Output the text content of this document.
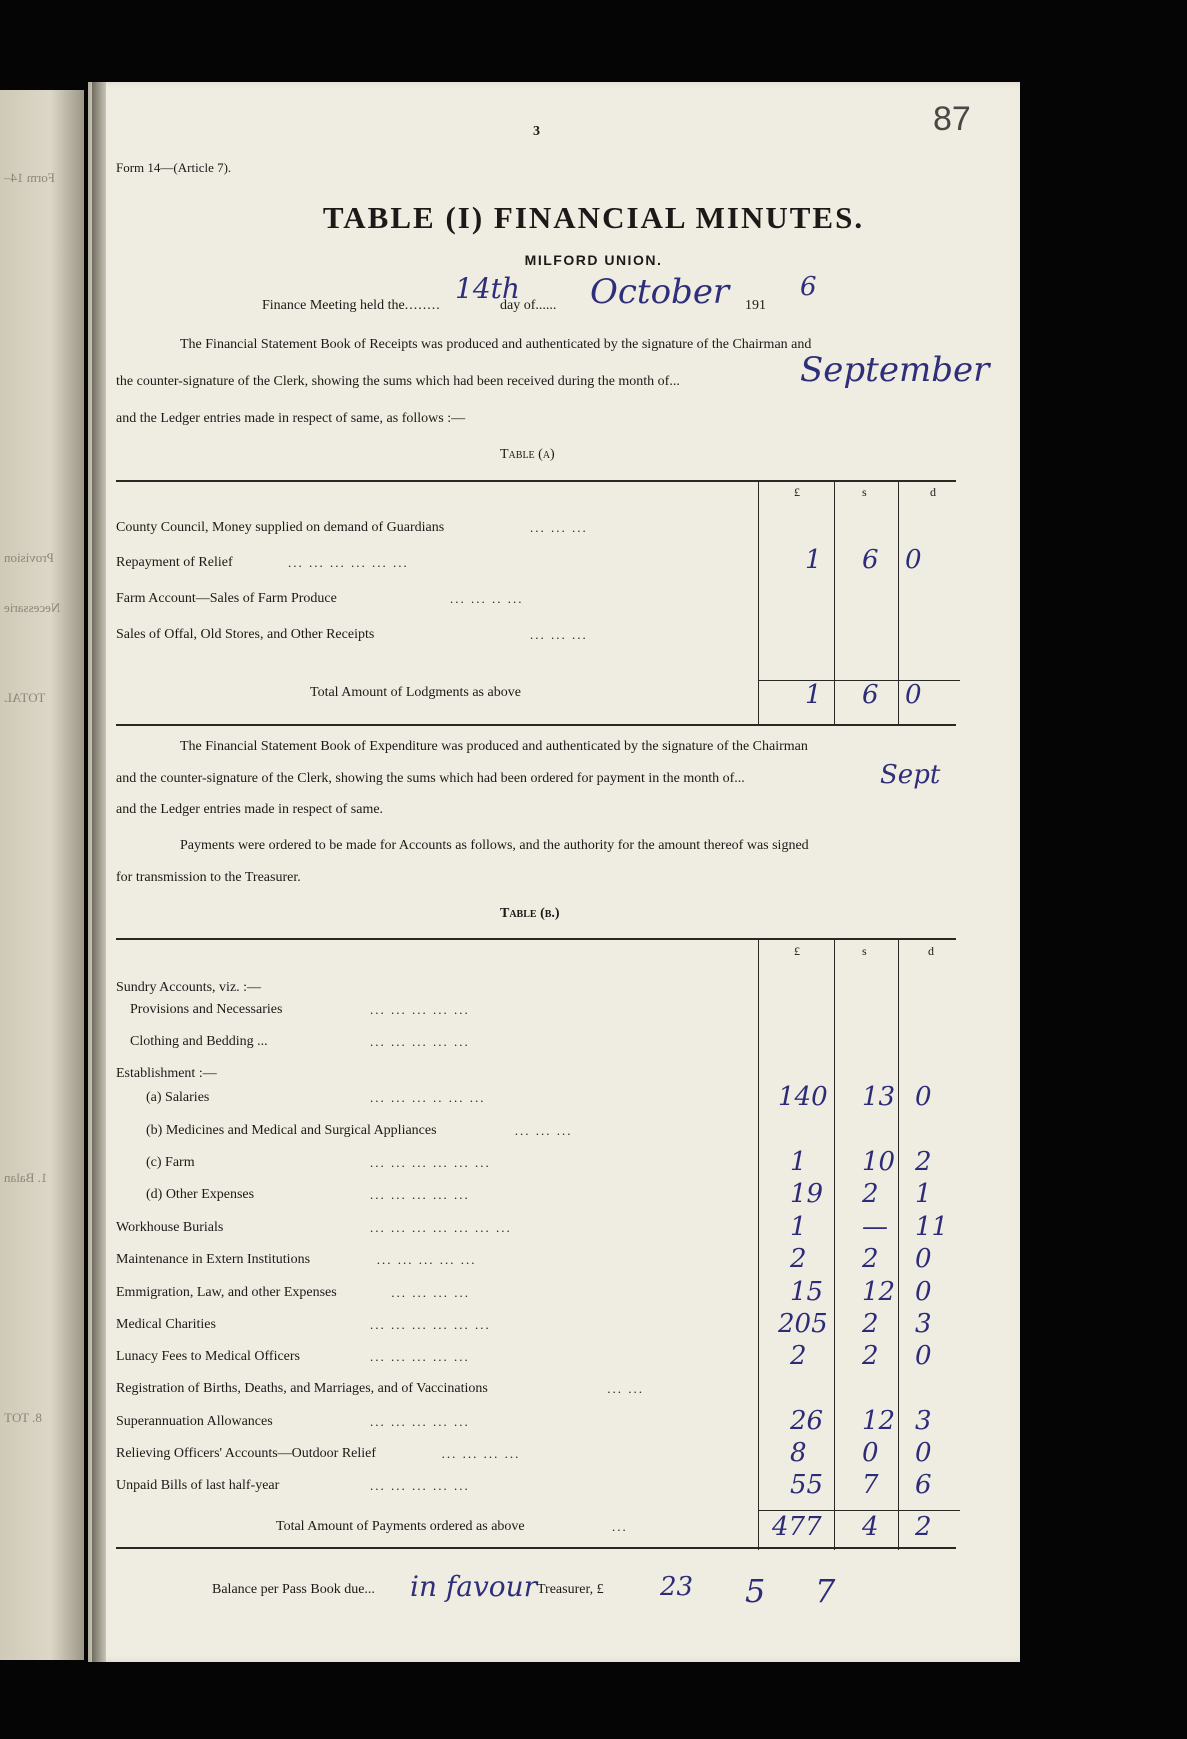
Form 14–
Provision
Necessarie
TOTAL
1. Balan
8. TOT
87
3
Form 14—(Article 7).
TABLE (I) FINANCIAL MINUTES.
MILFORD UNION.
Finance Meeting held the........
14th
day of...... October 191
6
The Financial Statement Book of Receipts was produced and authenticated by the signature of the Chairman and
the counter-signature of the Clerk, showing the sums which had been received during the month of...	September
and the Ledger entries made in respect of same, as follows :—
Table (a)
£	s	d
County Council, Money supplied on demand of Guardians	... ... ...
Repayment of Relief	... ... ... ... ... ...	1 6 0
Farm Account—Sales of Farm Produce	... ... .. ...
Sales of Offal, Old Stores, and Other Receipts	... ... ...
Total Amount of Lodgments as above	1 6 0
The Financial Statement Book of Expenditure was produced and authenticated by the signature of the Chairman
and the counter-signature of the Clerk, showing the sums which had been ordered for payment in the month of...	Sept
and the Ledger entries made in respect of same.
Payments were ordered to be made for Accounts as follows, and the authority for the amount thereof was signed
for transmission to the Treasurer.
Table (b.)
£	s	d
Sundry Accounts, viz. :—
Provisions and Necessaries	... ... ... ... ...
Clothing and Bedding ...	... ... ... ... ...
Establishment :—
(a) Salaries	... ... ... .. ... ...	140 13 0
(b) Medicines and Medical and Surgical Appliances	... ... ...
(c) Farm	... ... ... ... ... ...	1 10 2
(d) Other Expenses	... ... ... ... ...	19 2 1
Workhouse Burials	... ... ... ... ... ... ...	1 — 11
Maintenance in Extern Institutions	... ... ... ... ...	2 2 0
Emmigration, Law, and other Expenses	... ... ... ...	15 12 0
Medical Charities	... ... ... ... ... ...	205 2 3
Lunacy Fees to Medical Officers	... ... ... ... ...	2 2 0
Registration of Births, Deaths, and Marriages, and of Vaccinations	... ...
Superannuation Allowances	... ... ... ... ...	26 12 3
Relieving Officers' Accounts—Outdoor Relief	... ... ... ...	8 0 0
Unpaid Bills of last half-year	... ... ... ... ...	55 7 6
Total Amount of Payments ordered as above	...	477 4 2
Balance per Pass Book due... in favour Treasurer, £ 23 5 7
